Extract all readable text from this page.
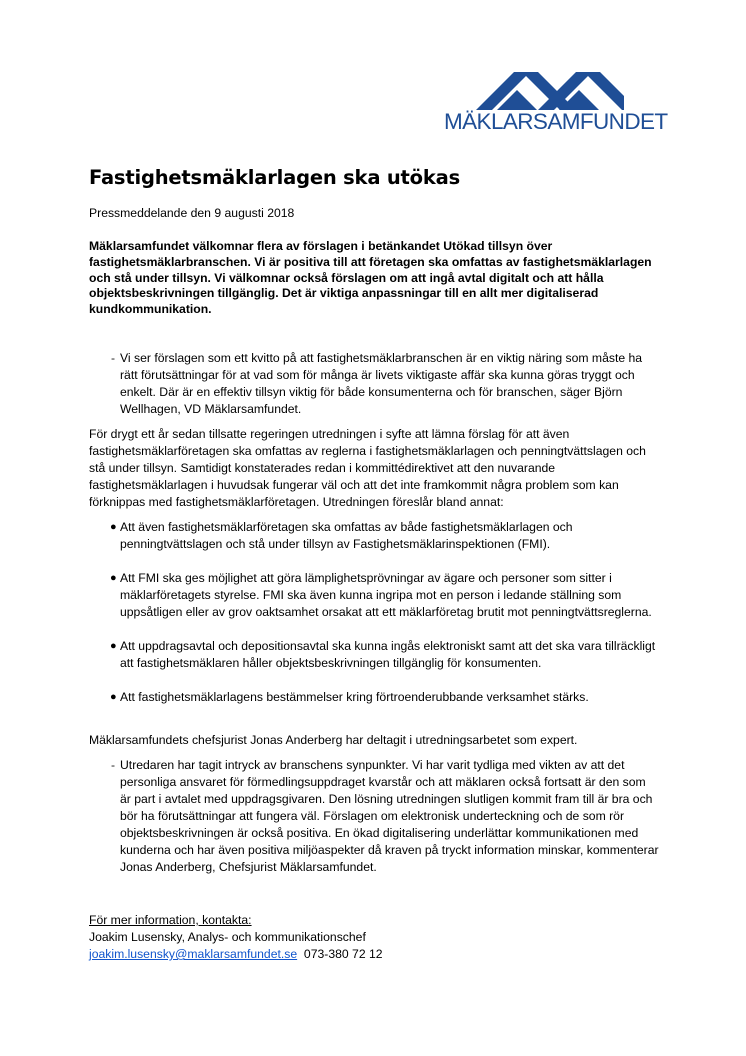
MÄKLARSAMFUNDET
Fastighetsmäklarlagen ska utökas
Pressmeddelande den 9 augusti 2018

Mäklarsamfundet välkomnar flera av förslagen i betänkandet Utökad tillsyn över fastighetsmäklarbranschen. Vi är positiva till att företagen ska omfattas av fastighetsmäklarlagen och stå under tillsyn. Vi välkomnar också förslagen om att ingå avtal digitalt och att hålla objektsbeskrivningen tillgänglig. Det är viktiga anpassningar till en allt mer digitaliserad kundkommunikation.

- Vi ser förslagen som ett kvitto på att fastighetsmäklarbranschen är en viktig näring som måste ha rätt förutsättningar för at vad som för många är livets viktigaste affär ska kunna göras tryggt och enkelt. Där är en effektiv tillsyn viktig för både konsumenterna och för branschen, säger Björn Wellhagen, VD Mäklarsamfundet.

För drygt ett år sedan tillsatte regeringen utredningen i syfte att lämna förslag för att även fastighetsmäklarföretagen ska omfattas av reglerna i fastighetsmäklarlagen och penningtvättslagen och stå under tillsyn. Samtidigt konstaterades redan i kommittédirektivet att den nuvarande fastighetsmäklarlagen i huvudsak fungerar väl och att det inte framkommit några problem som kan förknippas med fastighetsmäklarföretagen. Utredningen föreslår bland annat:

● Att även fastighetsmäklarföretagen ska omfattas av både fastighetsmäklarlagen och penningtvättslagen och stå under tillsyn av Fastighetsmäklarinspektionen (FMI).
● Att FMI ska ges möjlighet att göra lämplighetsprövningar av ägare och personer som sitter i mäklarföretagets styrelse. FMI ska även kunna ingripa mot en person i ledande ställning som uppsåtligen eller av grov oaktsamhet orsakat att ett mäklarföretag brutit mot penningtvättsreglerna.
● Att uppdragsavtal och depositionsavtal ska kunna ingås elektroniskt samt att det ska vara tillräckligt att fastighetsmäklaren håller objektsbeskrivningen tillgänglig för konsumenten.
● Att fastighetsmäklarlagens bestämmelser kring förtroenderubbande verksamhet stärks.

Mäklarsamfundets chefsjurist Jonas Anderberg har deltagit i utredningsarbetet som expert.

- Utredaren har tagit intryck av branschens synpunkter. Vi har varit tydliga med vikten av att det personliga ansvaret för förmedlingsuppdraget kvarstår och att mäklaren också fortsatt är den som är part i avtalet med uppdragsgivaren. Den lösning utredningen slutligen kommit fram till är bra och bör ha förutsättningar att fungera väl. Förslagen om elektronisk underteckning och de som rör objektsbeskrivningen är också positiva. En ökad digitalisering underlättar kommunikationen med kunderna och har även positiva miljöaspekter då kraven på tryckt information minskar, kommenterar Jonas Anderberg, Chefsjurist Mäklarsamfundet.

För mer information, kontakta:
Joakim Lusensky, Analys- och kommunikationschef
joakim.lusensky@maklarsamfundet.se 073-380 72 12
